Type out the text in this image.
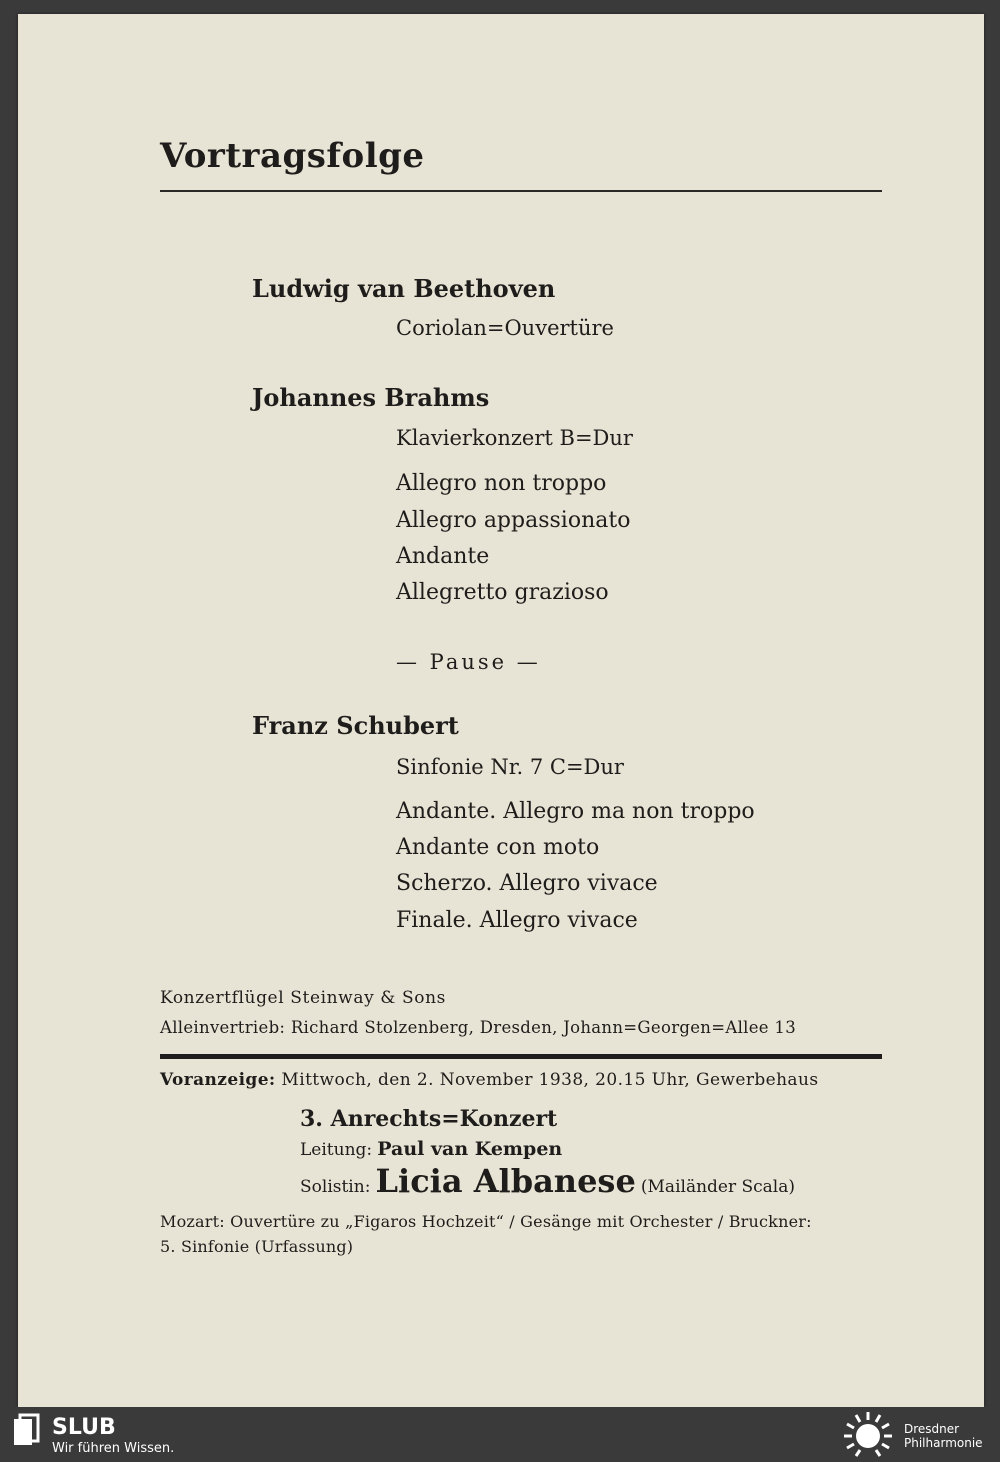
Vortragsfolge
Ludwig van Beethoven
Coriolan=Ouvertüre
Johannes Brahms
Klavierkonzert B=Dur
Allegro non troppo
Allegro appassionato
Andante
Allegretto grazioso
— Pause —
Franz Schubert
Sinfonie Nr. 7 C=Dur
Andante. Allegro ma non troppo
Andante con moto
Scherzo. Allegro vivace
Finale. Allegro vivace
Konzertflügel Steinway & Sons
Alleinvertrieb: Richard Stolzenberg, Dresden, Johann=Georgen=Allee 13
Voranzeige: Mittwoch, den 2. November 1938, 20.15 Uhr, Gewerbehaus
3. Anrechts=Konzert
Leitung: Paul van Kempen
Solistin: Licia Albanese (Mailänder Scala)
Mozart: Ouvertüre zu „Figaros Hochzeit“ / Gesänge mit Orchester / Bruckner:
5. Sinfonie (Urfassung)
SLUB
Wir führen Wissen.
Dresdner
Philharmonie
